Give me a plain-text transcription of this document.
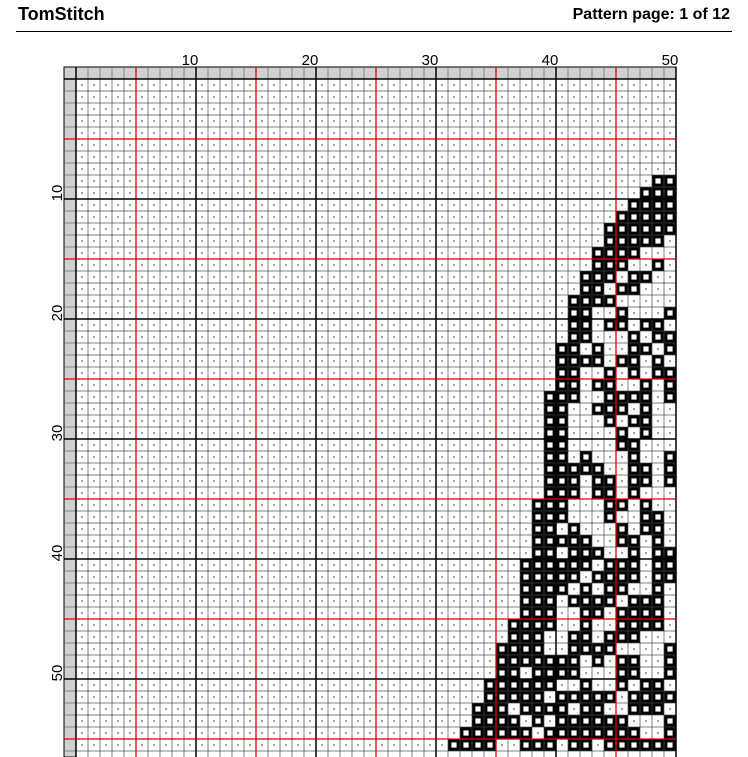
TomStitch	Pattern page: 1 of 12
10	20	30	40	50
10
20
30
40
50
